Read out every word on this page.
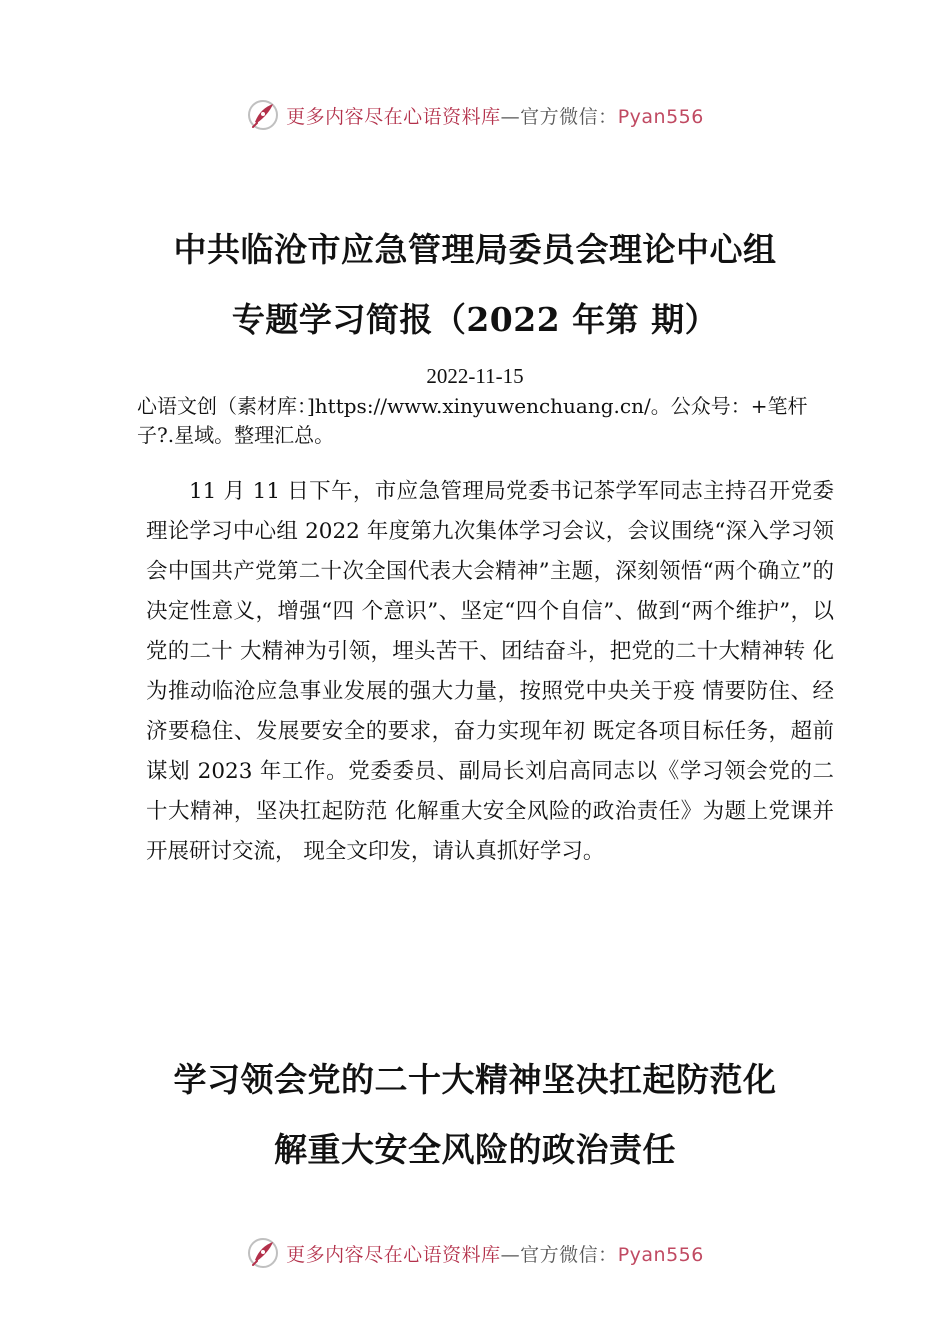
更多内容尽在心语资料库—官方微信：Pyan556
中共临沧市应急管理局委员会理论中心组
专题学习简报（2022 年第 期）
2022-11-15
心语文创（素材库：]https://www.xinyuwenchuang.cn/。公众号：+笔杆子?.星域。整理汇总。
11 月 11 日下午，市应急管理局党委书记茶学军同志主持召开党委理论学习中心组 2022 年度第九次集体学习会议，会议围绕“深入学习领会中国共产党第二十次全国代表大会精神”主题，深刻领悟“两个确立”的决定性意义，增强“四 个意识”、坚定“四个自信”、做到“两个维护”，以党的二十 大精神为引领，埋头苦干、团结奋斗，把党的二十大精神转 化为推动临沧应急事业发展的强大力量，按照党中央关于疫 情要防住、经济要稳住、发展要安全的要求，奋力实现年初 既定各项目标任务，超前谋划 2023 年工作。党委委员、副局长刘启高同志以《学习领会党的二十大精神，坚决扛起防范 化解重大安全风险的政治责任》为题上党课并开展研讨交流， 现全文印发，请认真抓好学习。
学习领会党的二十大精神坚决扛起防范化
解重大安全风险的政治责任
更多内容尽在心语资料库—官方微信：Pyan556
